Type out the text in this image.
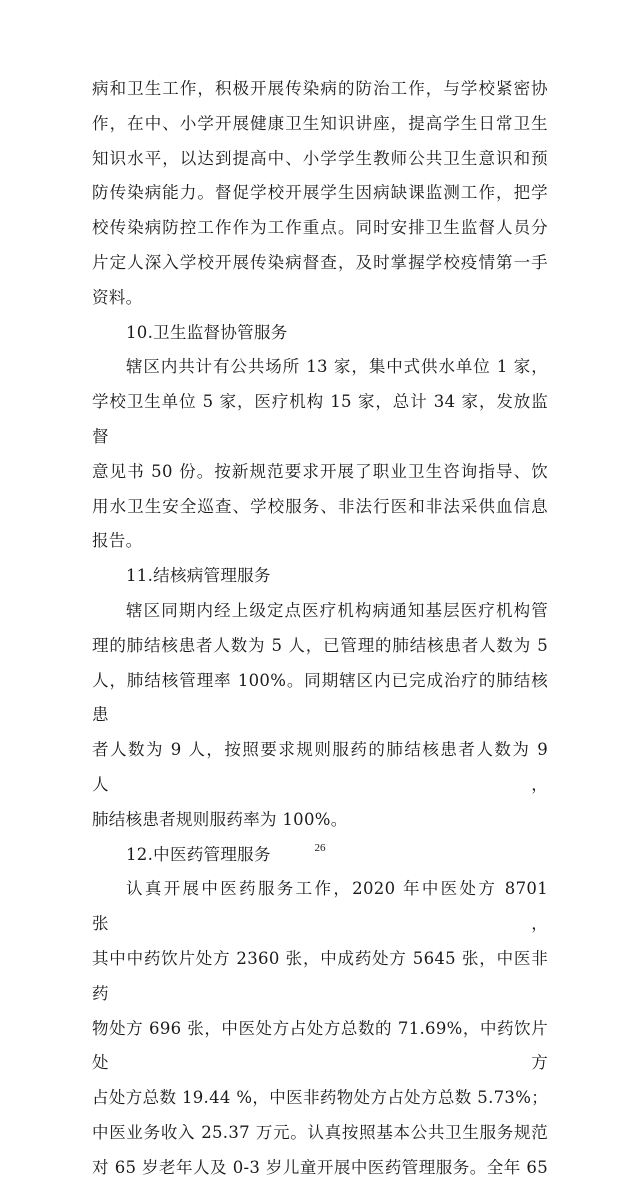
病和卫生工作，积极开展传染病的防治工作，与学校紧密协

作，在中、小学开展健康卫生知识讲座，提高学生日常卫生

知识水平，以达到提高中、小学学生教师公共卫生意识和预

防传染病能力。督促学校开展学生因病缺课监测工作，把学

校传染病防控工作作为工作重点。同时安排卫生监督人员分

片定人深入学校开展传染病督查，及时掌握学校疫情第一手

资料。

10.卫生监督协管服务

辖区内共计有公共场所 13 家，集中式供水单位 1 家，

学校卫生单位 5 家，医疗机构 15 家，总计 34 家，发放监督

意见书 50 份。按新规范要求开展了职业卫生咨询指导、饮

用水卫生安全巡查、学校服务、非法行医和非法采供血信息

报告。

11.结核病管理服务

辖区同期内经上级定点医疗机构病通知基层医疗机构管

理的肺结核患者人数为 5 人，已管理的肺结核患者人数为 5

人，肺结核管理率 100%。同期辖区内已完成治疗的肺结核患

者人数为 9 人，按照要求规则服药的肺结核患者人数为 9 人，

肺结核患者规则服药率为 100%。

12.中医药管理服务

认真开展中医药服务工作，2020 年中医处方 8701 张，

其中中药饮片处方 2360 张，中成药处方 5645 张，中医非药

物处方 696 张，中医处方占处方总数的 71.69%，中药饮片处方

占处方总数 19.44 %，中医非药物处方占处方总数 5.73%；

中医业务收入 25.37 万元。认真按照基本公共卫生服务规范

对 65 岁老年人及 0-3 岁儿童开展中医药管理服务。全年 65

26
